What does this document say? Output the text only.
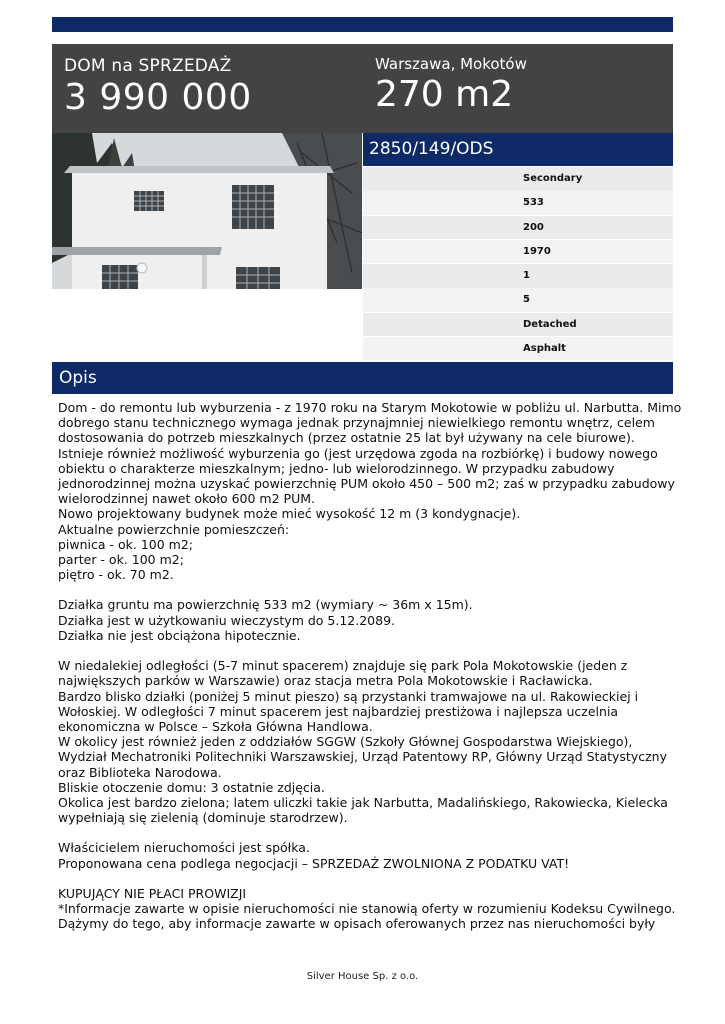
DOM na SPRZEDAŻ
3 990 000
Warszawa, Mokotów
270 m2
2850/149/ODS
Secondary
533
200
1970
1
5
Detached
Asphalt
Opis
Dom - do remontu lub wyburzenia - z 1970 roku na Starym Mokotowie w pobliżu ul. Narbutta. Mimo
dobrego stanu technicznego wymaga jednak przynajmniej niewielkiego remontu wnętrz, celem
dostosowania do potrzeb mieszkalnych (przez ostatnie 25 lat był używany na cele biurowe).
Istnieje również możliwość wyburzenia go (jest urzędowa zgoda na rozbiórkę) i budowy nowego
obiektu o charakterze mieszkalnym; jedno- lub wielorodzinnego. W przypadku zabudowy
jednorodzinnej można uzyskać powierzchnię PUM około 450 – 500 m2; zaś w przypadku zabudowy
wielorodzinnej nawet około 600 m2 PUM.
Nowo projektowany budynek może mieć wysokość 12 m (3 kondygnacje).
Aktualne powierzchnie pomieszczeń:
piwnica - ok. 100 m2;
parter - ok. 100 m2;
piętro - ok. 70 m2.
Działka gruntu ma powierzchnię 533 m2 (wymiary ~ 36m x 15m).
Działka jest w użytkowaniu wieczystym do 5.12.2089.
Działka nie jest obciążona hipotecznie.
W niedalekiej odległości (5-7 minut spacerem) znajduje się park Pola Mokotowskie (jeden z
największych parków w Warszawie) oraz stacja metra Pola Mokotowskie i Racławicka.
Bardzo blisko działki (poniżej 5 minut pieszo) są przystanki tramwajowe na ul. Rakowieckiej i
Wołoskiej. W odległości 7 minut spacerem jest najbardziej prestiżowa i najlepsza uczelnia
ekonomiczna w Polsce – Szkoła Główna Handlowa.
W okolicy jest również jeden z oddziałów SGGW (Szkoły Głównej Gospodarstwa Wiejskiego),
Wydział Mechatroniki Politechniki Warszawskiej, Urząd Patentowy RP, Główny Urząd Statystyczny
oraz Biblioteka Narodowa.
Bliskie otoczenie domu: 3 ostatnie zdjęcia.
Okolica jest bardzo zielona; latem uliczki takie jak Narbutta, Madalińskiego, Rakowiecka, Kielecka
wypełniają się zielenią (dominuje starodrzew).
Właścicielem nieruchomości jest spółka.
Proponowana cena podlega negocjacji – SPRZEDAŻ ZWOLNIONA Z PODATKU VAT!
KUPUJĄCY NIE PŁACI PROWIZJI
*Informacje zawarte w opisie nieruchomości nie stanowią oferty w rozumieniu Kodeksu Cywilnego.
Dążymy do tego, aby informacje zawarte w opisach oferowanych przez nas nieruchomości były
Silver House Sp. z o.o.
